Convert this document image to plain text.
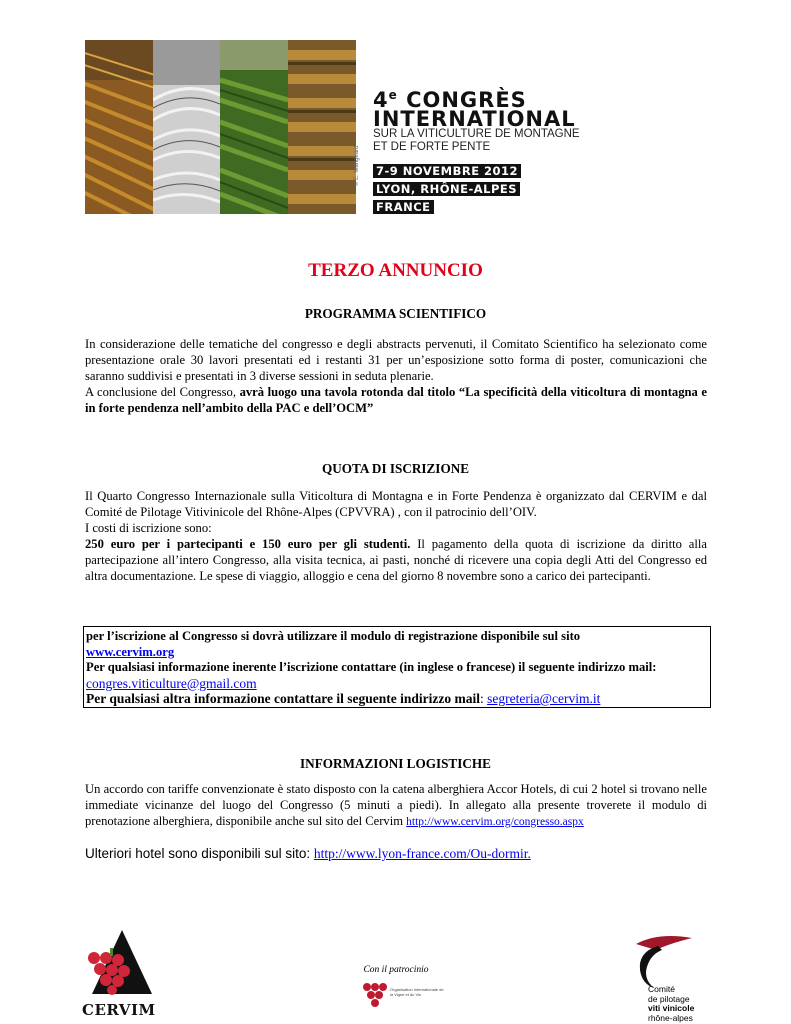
© E. Mangeard
4e CONGRÈS
INTERNATIONAL
SUR LA VITICULTURE DE MONTAGNE
ET DE FORTE PENTE
7-9 NOVEMBRE 2012
LYON, RHÔNE-ALPES
FRANCE
TERZO ANNUNCIO
PROGRAMMA SCIENTIFICO
In considerazione delle tematiche del congresso e degli abstracts pervenuti, il Comitato Scientifico ha selezionato come presentazione orale 30 lavori presentati ed i restanti 31 per un’esposizione sotto forma di poster, comunicazioni che saranno suddivisi e presentati in 3 diverse sessioni in seduta plenarie.
A conclusione del Congresso, avrà luogo una tavola rotonda dal titolo “La specificità della viticoltura di montagna e in forte pendenza nell’ambito della PAC e dell’OCM”
QUOTA DI ISCRIZIONE
Il Quarto Congresso Internazionale sulla Viticoltura di Montagna e in Forte Pendenza è organizzato dal CERVIM e dal Comité de Pilotage Vitivinicole del Rhône-Alpes (CPVVRA) , con il patrocinio dell’OIV.
I costi di iscrizione sono:
250 euro per i partecipanti e 150 euro per gli studenti. Il pagamento della quota di iscrizione da diritto alla partecipazione all’intero Congresso, alla visita tecnica, ai pasti, nonché di ricevere una copia degli Atti del Congresso ed altra documentazione. Le spese di viaggio, alloggio e cena del giorno 8 novembre sono a carico dei partecipanti.
per l’iscrizione al Congresso si dovrà utilizzare il modulo di registrazione disponibile sul sito
www.cervim.org
Per qualsiasi informazione inerente l’iscrizione contattare (in inglese o francese) il seguente indirizzo mail:
congres.viticulture@gmail.com
Per qualsiasi altra informazione contattare il seguente indirizzo mail: segreteria@cervim.it
INFORMAZIONI LOGISTICHE
Un accordo con tariffe convenzionate è stato disposto con la catena alberghiera Accor Hotels, di cui 2 hotel si trovano nelle immediate vicinanze del luogo del Congresso (5 minuti a piedi). In allegato alla presente troverete il modulo di prenotazione alberghiera, disponibile anche sul sito del Cervim http://www.cervim.org/congresso.aspx
Ulteriori hotel sono disponibili sul sito: http://www.lyon-france.com/Ou-dormir.
CERVIM
Con il patrocinio
Organisation Internationale de la Vigne et du Vin
Comité
de pilotage
viti vinicole
rhône-alpes
